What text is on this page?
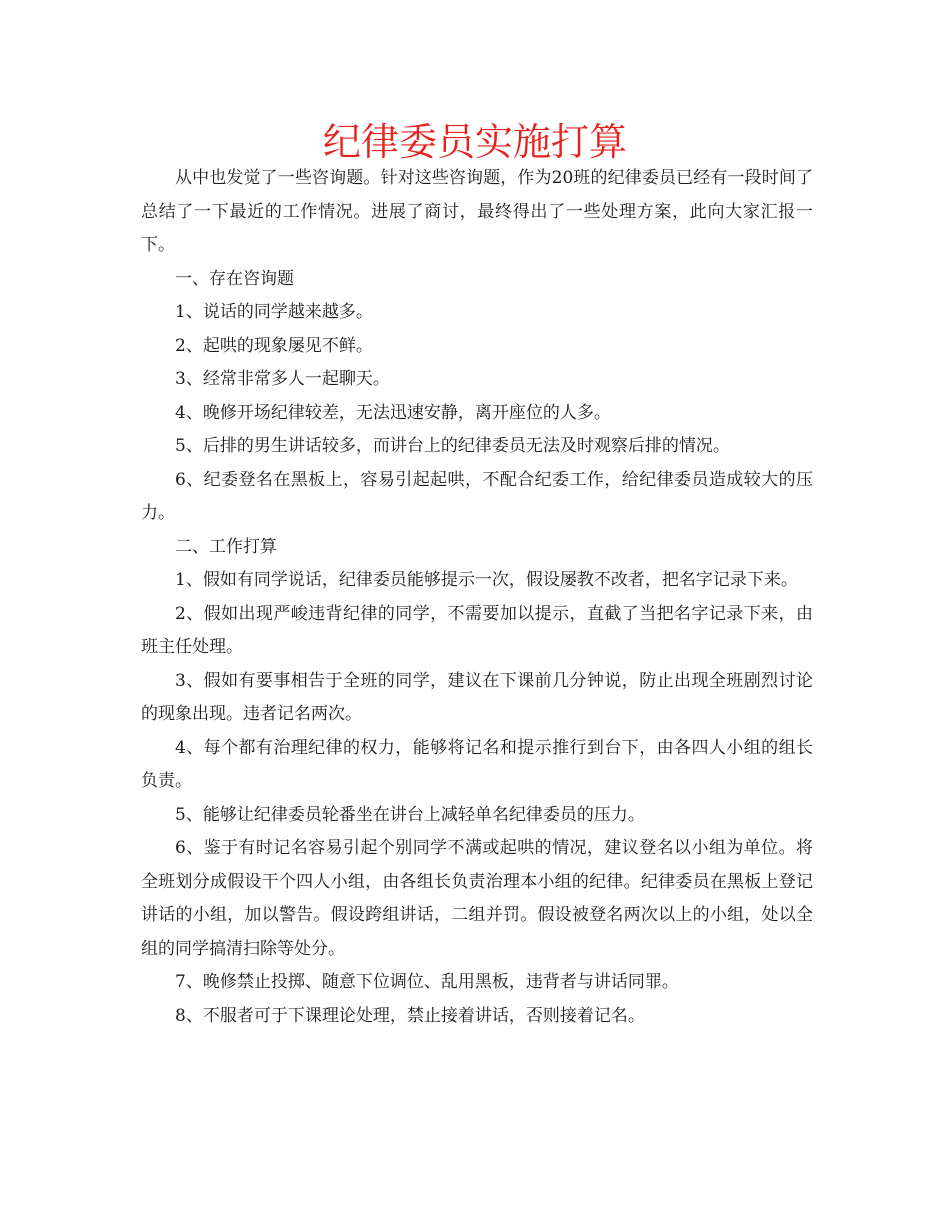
纪律委员实施打算

从中也发觉了一些咨询题。针对这些咨询题，作为20班的纪律委员已经有一段时间了总结了一下最近的工作情况。进展了商讨，最终得出了一些处理方案，此向大家汇报一下。

一、存在咨询题

1、说话的同学越来越多。

2、起哄的现象屡见不鲜。

3、经常非常多人一起聊天。

4、晚修开场纪律较差，无法迅速安静，离开座位的人多。

5、后排的男生讲话较多，而讲台上的纪律委员无法及时观察后排的情况。

6、纪委登名在黑板上，容易引起起哄，不配合纪委工作，给纪律委员造成较大的压力。

二、工作打算

1、假如有同学说话，纪律委员能够提示一次，假设屡教不改者，把名字记录下来。

2、假如出现严峻违背纪律的同学，不需要加以提示，直截了当把名字记录下来，由班主任处理。

3、假如有要事相告于全班的同学，建议在下课前几分钟说，防止出现全班剧烈讨论的现象出现。违者记名两次。

4、每个都有治理纪律的权力，能够将记名和提示推行到台下，由各四人小组的组长负责。

5、能够让纪律委员轮番坐在讲台上减轻单名纪律委员的压力。

6、鉴于有时记名容易引起个别同学不满或起哄的情况，建议登名以小组为单位。将全班划分成假设干个四人小组，由各组长负责治理本小组的纪律。纪律委员在黑板上登记讲话的小组，加以警告。假设跨组讲话，二组并罚。假设被登名两次以上的小组，处以全组的同学搞清扫除等处分。

7、晚修禁止投掷、随意下位调位、乱用黑板，违背者与讲话同罪。

8、不服者可于下课理论处理，禁止接着讲话，否则接着记名。
